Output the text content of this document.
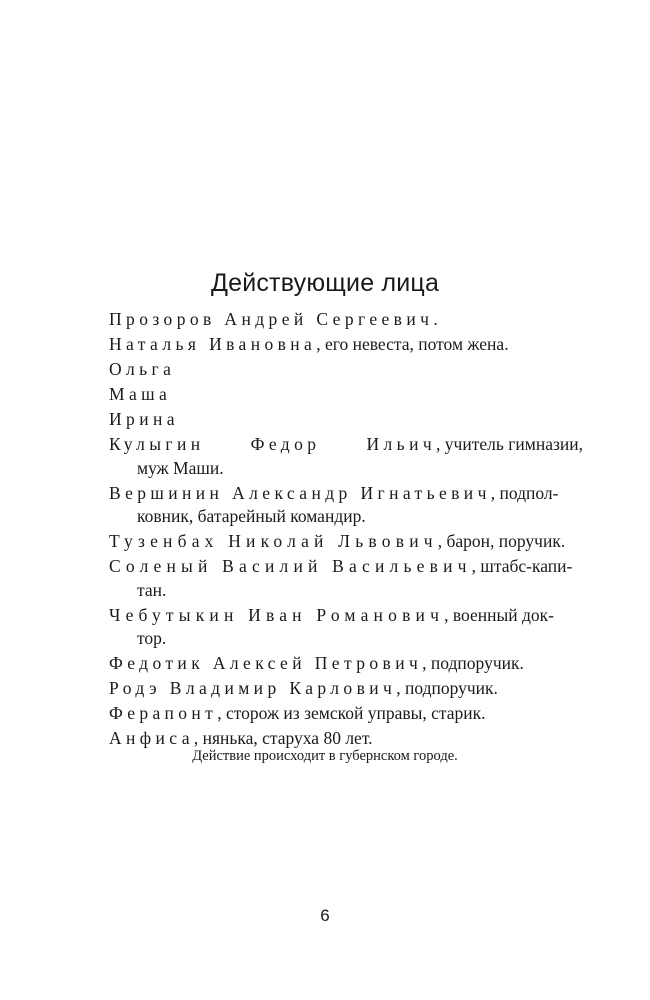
Действующие лица
Прозоров Андрей Сергеевич.
Наталья Ивановна, его невеста, потом жена.
Ольга
Маша
Ирина
Кулыгин	Федор	Ильич, учитель гимназии,
муж Маши.
Вершинин Александр Игнатьевич, подпол-
ковник, батарейный командир.
Тузенбах Николай Львович, барон, поручик.
Соленый Василий Васильевич, штабс-капи-
тан.
Чебутыкин Иван Романович, военный док-
тор.
Федотик Алексей Петрович, подпоручик.
Родэ Владимир Карлович, подпоручик.
Ферапонт, сторож из земской управы, старик.
Анфиса, нянька, старуха 80 лет.

Действие происходит в губернском городе.

6
